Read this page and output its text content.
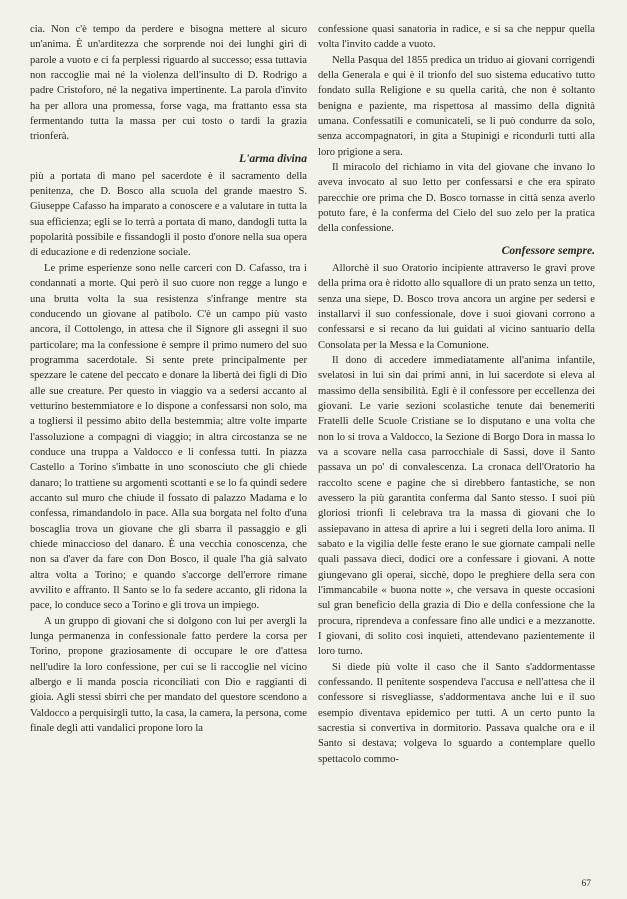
cia. Non c'è tempo da perdere e bisogna mettere al sicuro un'anima. È un'arditezza che sorprende noi dei lunghi giri di parole a vuoto e ci fa perplessi riguardo al successo; essa tuttavia non raccoglie mai né la violenza dell'insulto di D. Rodrigo a padre Cristoforo, né la negativa impertinente. La parola d'invito ha per allora una promessa, forse vaga, ma frattanto essa sta fermentando tutta la massa per cui tosto o tardi la grazia trionferà.

L'arma divina

più a portata di mano pel sacerdote è il sacramento della penitenza, che D. Bosco alla scuola del grande maestro S. Giuseppe Cafasso ha imparato a conoscere e a valutare in tutta la sua efficienza; egli se lo terrà a portata di mano, dandogli tutta la popolarità possibile e fissandogli il posto d'onore nella sua opera di educazione e di redenzione sociale.

Le prime esperienze sono nelle carceri con D. Cafasso, tra i condannati a morte. Qui però il suo cuore non regge a lungo e una brutta volta la sua resistenza s'infrange mentre sta conducendo un giovane al patibolo. C'è un campo più vasto ancora, il Cottolengo, in attesa che il Signore gli assegni il suo particolare; ma la confessione è sempre il primo numero del suo programma sacerdotale. Si sente prete principalmente per spezzare le catene del peccato e donare la libertà dei figli di Dio alle sue creature. Per questo in viaggio va a sedersi accanto al vetturino bestemmiatore e lo dispone a confessarsi non solo, ma a togliersi il pessimo abito della bestemmia; altre volte imparte l'assoluzione a compagni di viaggio; in altra circostanza se ne conduce una truppa a Valdocco e li confessa tutti. In piazza Castello a Torino s'imbatte in uno sconosciuto che gli chiede danaro; lo trattiene su argomenti scottanti e se lo fa quindi sedere accanto sul muro che chiude il fossato di palazzo Madama e lo confessa, rimandandolo in pace. Alla sua borgata nel folto d'una boscaglia trova un giovane che gli sbarra il passaggio e gli chiede minaccioso del danaro. È una vecchia conoscenza, che non sa d'aver da fare con Don Bosco, il quale l'ha già salvato altra volta a Torino; e quando s'accorge dell'errore rimane avvilito e affranto. Il Santo se lo fa sedere accanto, gli ridona la pace, lo conduce seco a Torino e gli trova un impiego.

A un gruppo di giovani che si dolgono con lui per avergli la lunga permanenza in confessionale fatto perdere la corsa per Torino, propone graziosamente di occupare le ore d'attesa nell'udire la loro confessione, per cui se li raccoglie nel vicino albergo e li manda poscia riconciliati con Dio e raggianti di gioia. Agli stessi sbirri che per mandato del questore scendono a Valdocco a perquisirgli tutto, la casa, la camera, la persona, come finale degli atti vandalici propone loro la

confessione quasi sanatoria in radice, e si sa che neppur quella volta l'invito cadde a vuoto.

Nella Pasqua del 1855 predica un triduo ai giovani corrigendi della Generala e qui è il trionfo del suo sistema educativo tutto fondato sulla Religione e su quella carità, che non è soltanto benigna e paziente, ma rispettosa al massimo della dignità umana. Confessatili e comunicateli, se li può condurre da solo, senza accompagnatori, in gita a Stupinigi e ricondurli tutti alla loro prigione a sera.

Il miracolo del richiamo in vita del giovane che invano lo aveva invocato al suo letto per confessarsi e che era spirato parecchie ore prima che D. Bosco tornasse in città senza averlo potuto fare, è la conferma del Cielo del suo zelo per la pratica della confessione.

Confessore sempre.

Allorchè il suo Oratorio incipiente attraverso le gravi prove della prima ora è ridotto allo squallore di un prato senza un tetto, senza una siepe, D. Bosco trova ancora un argine per sedersi e installarvi il suo confessionale, dove i suoi giovani corrono a confessarsi e si recano da lui guidati al vicino santuario della Consolata per la Messa e la Comunione.

Il dono di accedere immediatamente all'anima infantile, svelatosi in lui sin dai primi anni, in lui sacerdote si eleva al massimo della sensibilità. Egli è il confessore per eccellenza dei giovani. Le varie sezioni scolastiche tenute dai benemeriti Fratelli delle Scuole Cristiane se lo disputano e una volta che non lo si trova a Valdocco, la Sezione di Borgo Dora in massa lo va a scovare nella casa parrocchiale di Sassi, dove il Santo passava un po' di convalescenza. La cronaca dell'Oratorio ha raccolto scene e pagine che si direbbero fantastiche, se non avessero la più garantita conferma dal Santo stesso. I suoi più gloriosi trionfi li celebrava tra la massa di giovani che lo assiepavano in attesa di aprire a lui i segreti della loro anima. Il sabato e la vigilia delle feste erano le sue giornate campali nelle quali passava dieci, dodici ore a confessare i giovani. A notte giungevano gli operai, sicchè, dopo le preghiere della sera con l'immancabile « buona notte », che versava in queste occasioni sul gran beneficio della grazia di Dio e della confessione che la procura, riprendeva a confessare fino alle undici e a mezzanotte. I giovani, di solito così inquieti, attendevano pazientemente il loro turno.

Si diede più volte il caso che il Santo s'addormentasse confessando. Il penitente sospendeva l'accusa e nell'attesa che il confessore si risvegliasse, s'addormentava anche lui e il suo esempio diventava epidemico per tutti. A un certo punto la sacrestia si convertiva in dormitorio. Passava qualche ora e il Santo si destava; volgeva lo sguardo a contemplare quello spettacolo commo-

67
